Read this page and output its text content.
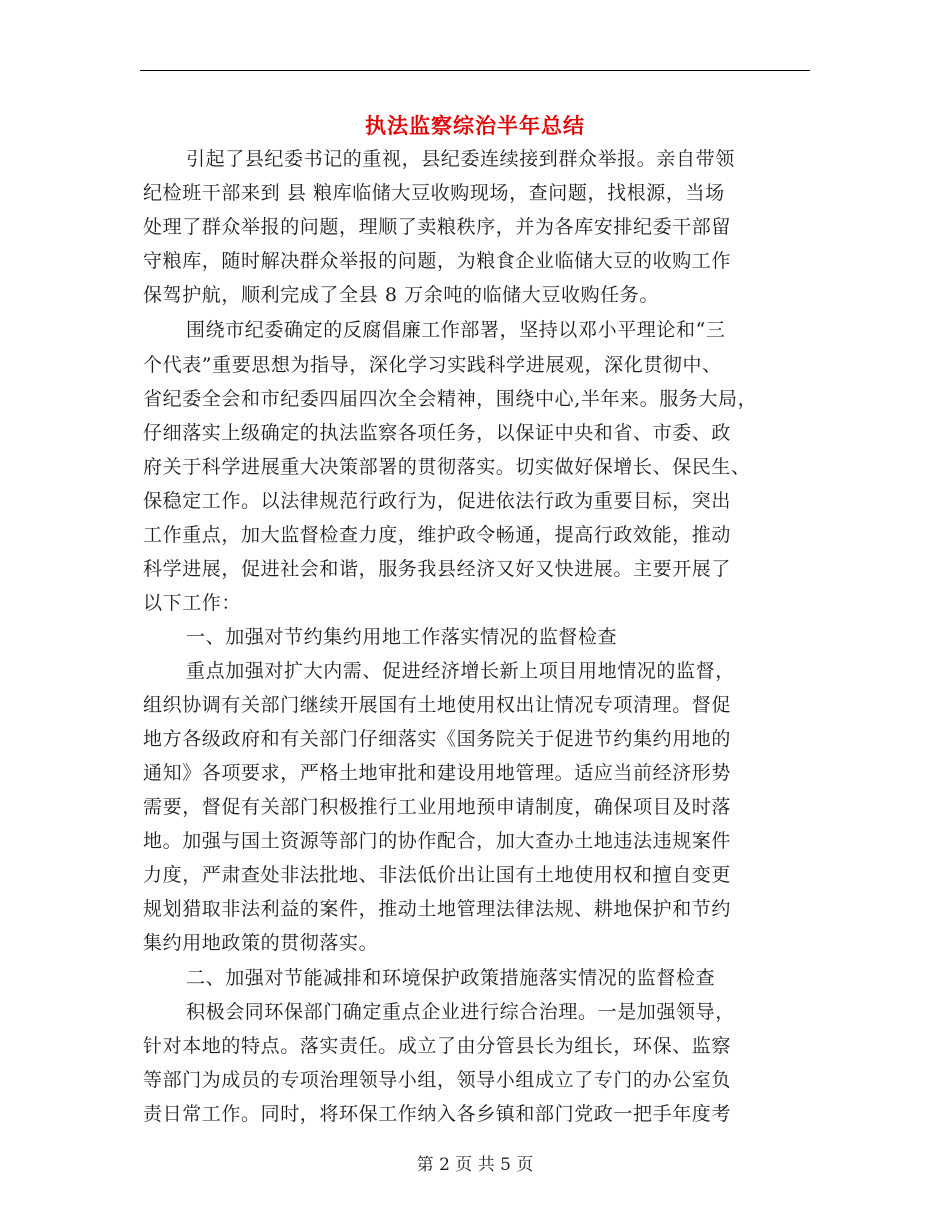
执法监察综治半年总结
引起了县纪委书记的重视，县纪委连续接到群众举报。亲自带领
纪检班干部来到 县 粮库临储大豆收购现场，查问题，找根源，当场
处理了群众举报的问题，理顺了卖粮秩序，并为各库安排纪委干部留
守粮库，随时解决群众举报的问题，为粮食企业临储大豆的收购工作
保驾护航，顺利完成了全县 8 万余吨的临储大豆收购任务。
围绕市纪委确定的反腐倡廉工作部署，坚持以邓小平理论和“三
个代表”重要思想为指导，深化学习实践科学进展观，深化贯彻中、
省纪委全会和市纪委四届四次全会精神，围绕中心,半年来。服务大局，
仔细落实上级确定的执法监察各项任务，以保证中央和省、市委、政
府关于科学进展重大决策部署的贯彻落实。切实做好保增长、保民生、
保稳定工作。以法律规范行政行为，促进依法行政为重要目标，突出
工作重点，加大监督检查力度，维护政令畅通，提高行政效能，推动
科学进展，促进社会和谐，服务我县经济又好又快进展。主要开展了
以下工作：
一、加强对节约集约用地工作落实情况的监督检查
重点加强对扩大内需、促进经济增长新上项目用地情况的监督，
组织协调有关部门继续开展国有土地使用权出让情况专项清理。督促
地方各级政府和有关部门仔细落实《国务院关于促进节约集约用地的
通知》各项要求，严格土地审批和建设用地管理。适应当前经济形势
需要，督促有关部门积极推行工业用地预申请制度，确保项目及时落
地。加强与国土资源等部门的协作配合，加大查办土地违法违规案件
力度，严肃查处非法批地、非法低价出让国有土地使用权和擅自变更
规划猎取非法利益的案件，推动土地管理法律法规、耕地保护和节约
集约用地政策的贯彻落实。
二、加强对节能减排和环境保护政策措施落实情况的监督检查
积极会同环保部门确定重点企业进行综合治理。一是加强领导，
针对本地的特点。落实责任。成立了由分管县长为组长，环保、监察
等部门为成员的专项治理领导小组，领导小组成立了专门的办公室负
责日常工作。同时，将环保工作纳入各乡镇和部门党政一把手年度考
第 2 页 共 5 页
